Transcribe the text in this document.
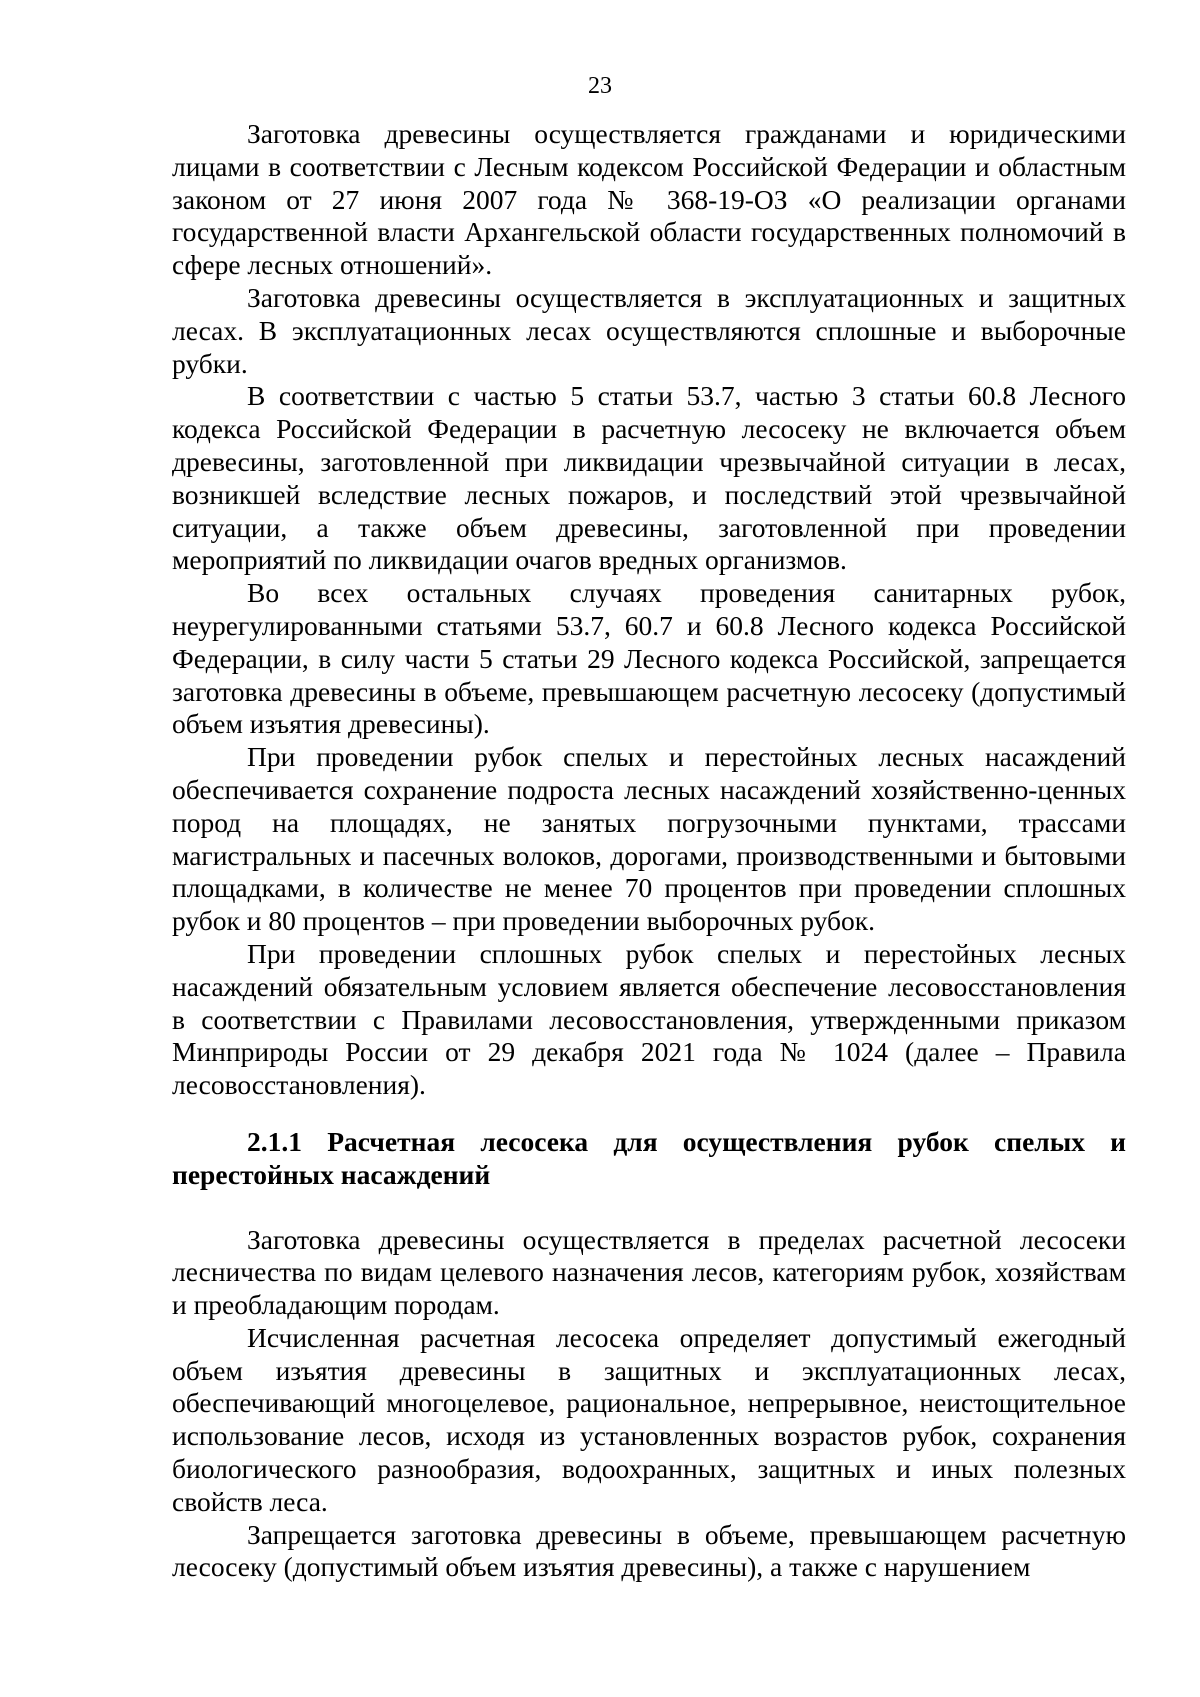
23

Заготовка древесины осуществляется гражданами и юридическими лицами в соответствии с Лесным кодексом Российской Федерации и областным законом от 27 июня 2007 года № 368-19-ОЗ «О реализации органами государственной власти Архангельской области государственных полномочий в сфере лесных отношений».

Заготовка древесины осуществляется в эксплуатационных и защитных лесах. В эксплуатационных лесах осуществляются сплошные и выборочные рубки.

В соответствии с частью 5 статьи 53.7, частью 3 статьи 60.8 Лесного кодекса Российской Федерации в расчетную лесосеку не включается объем древесины, заготовленной при ликвидации чрезвычайной ситуации в лесах, возникшей вследствие лесных пожаров, и последствий этой чрезвычайной ситуации, а также объем древесины, заготовленной при проведении мероприятий по ликвидации очагов вредных организмов.

Во всех остальных случаях проведения санитарных рубок, неурегулированными статьями 53.7, 60.7 и 60.8 Лесного кодекса Российской Федерации, в силу части 5 статьи 29 Лесного кодекса Российской, запрещается заготовка древесины в объеме, превышающем расчетную лесосеку (допустимый объем изъятия древесины).

При проведении рубок спелых и перестойных лесных насаждений обеспечивается сохранение подроста лесных насаждений хозяйственно-ценных пород на площадях, не занятых погрузочными пунктами, трассами магистральных и пасечных волоков, дорогами, производственными и бытовыми площадками, в количестве не менее 70 процентов при проведении сплошных рубок и 80 процентов – при проведении выборочных рубок.

При проведении сплошных рубок спелых и перестойных лесных насаждений обязательным условием является обеспечение лесовосстановления в соответствии с Правилами лесовосстановления, утвержденными приказом Минприроды России от 29 декабря 2021 года № 1024 (далее – Правила лесовосстановления).

2.1.1 Расчетная лесосека для осуществления рубок спелых и перестойных насаждений

Заготовка древесины осуществляется в пределах расчетной лесосеки лесничества по видам целевого назначения лесов, категориям рубок, хозяйствам и преобладающим породам.

Исчисленная расчетная лесосека определяет допустимый ежегодный объем изъятия древесины в защитных и эксплуатационных лесах, обеспечивающий многоцелевое, рациональное, непрерывное, неистощительное использование лесов, исходя из установленных возрастов рубок, сохранения биологического разнообразия, водоохранных, защитных и иных полезных свойств леса.

Запрещается заготовка древесины в объеме, превышающем расчетную лесосеку (допустимый объем изъятия древесины), а также с нарушением
